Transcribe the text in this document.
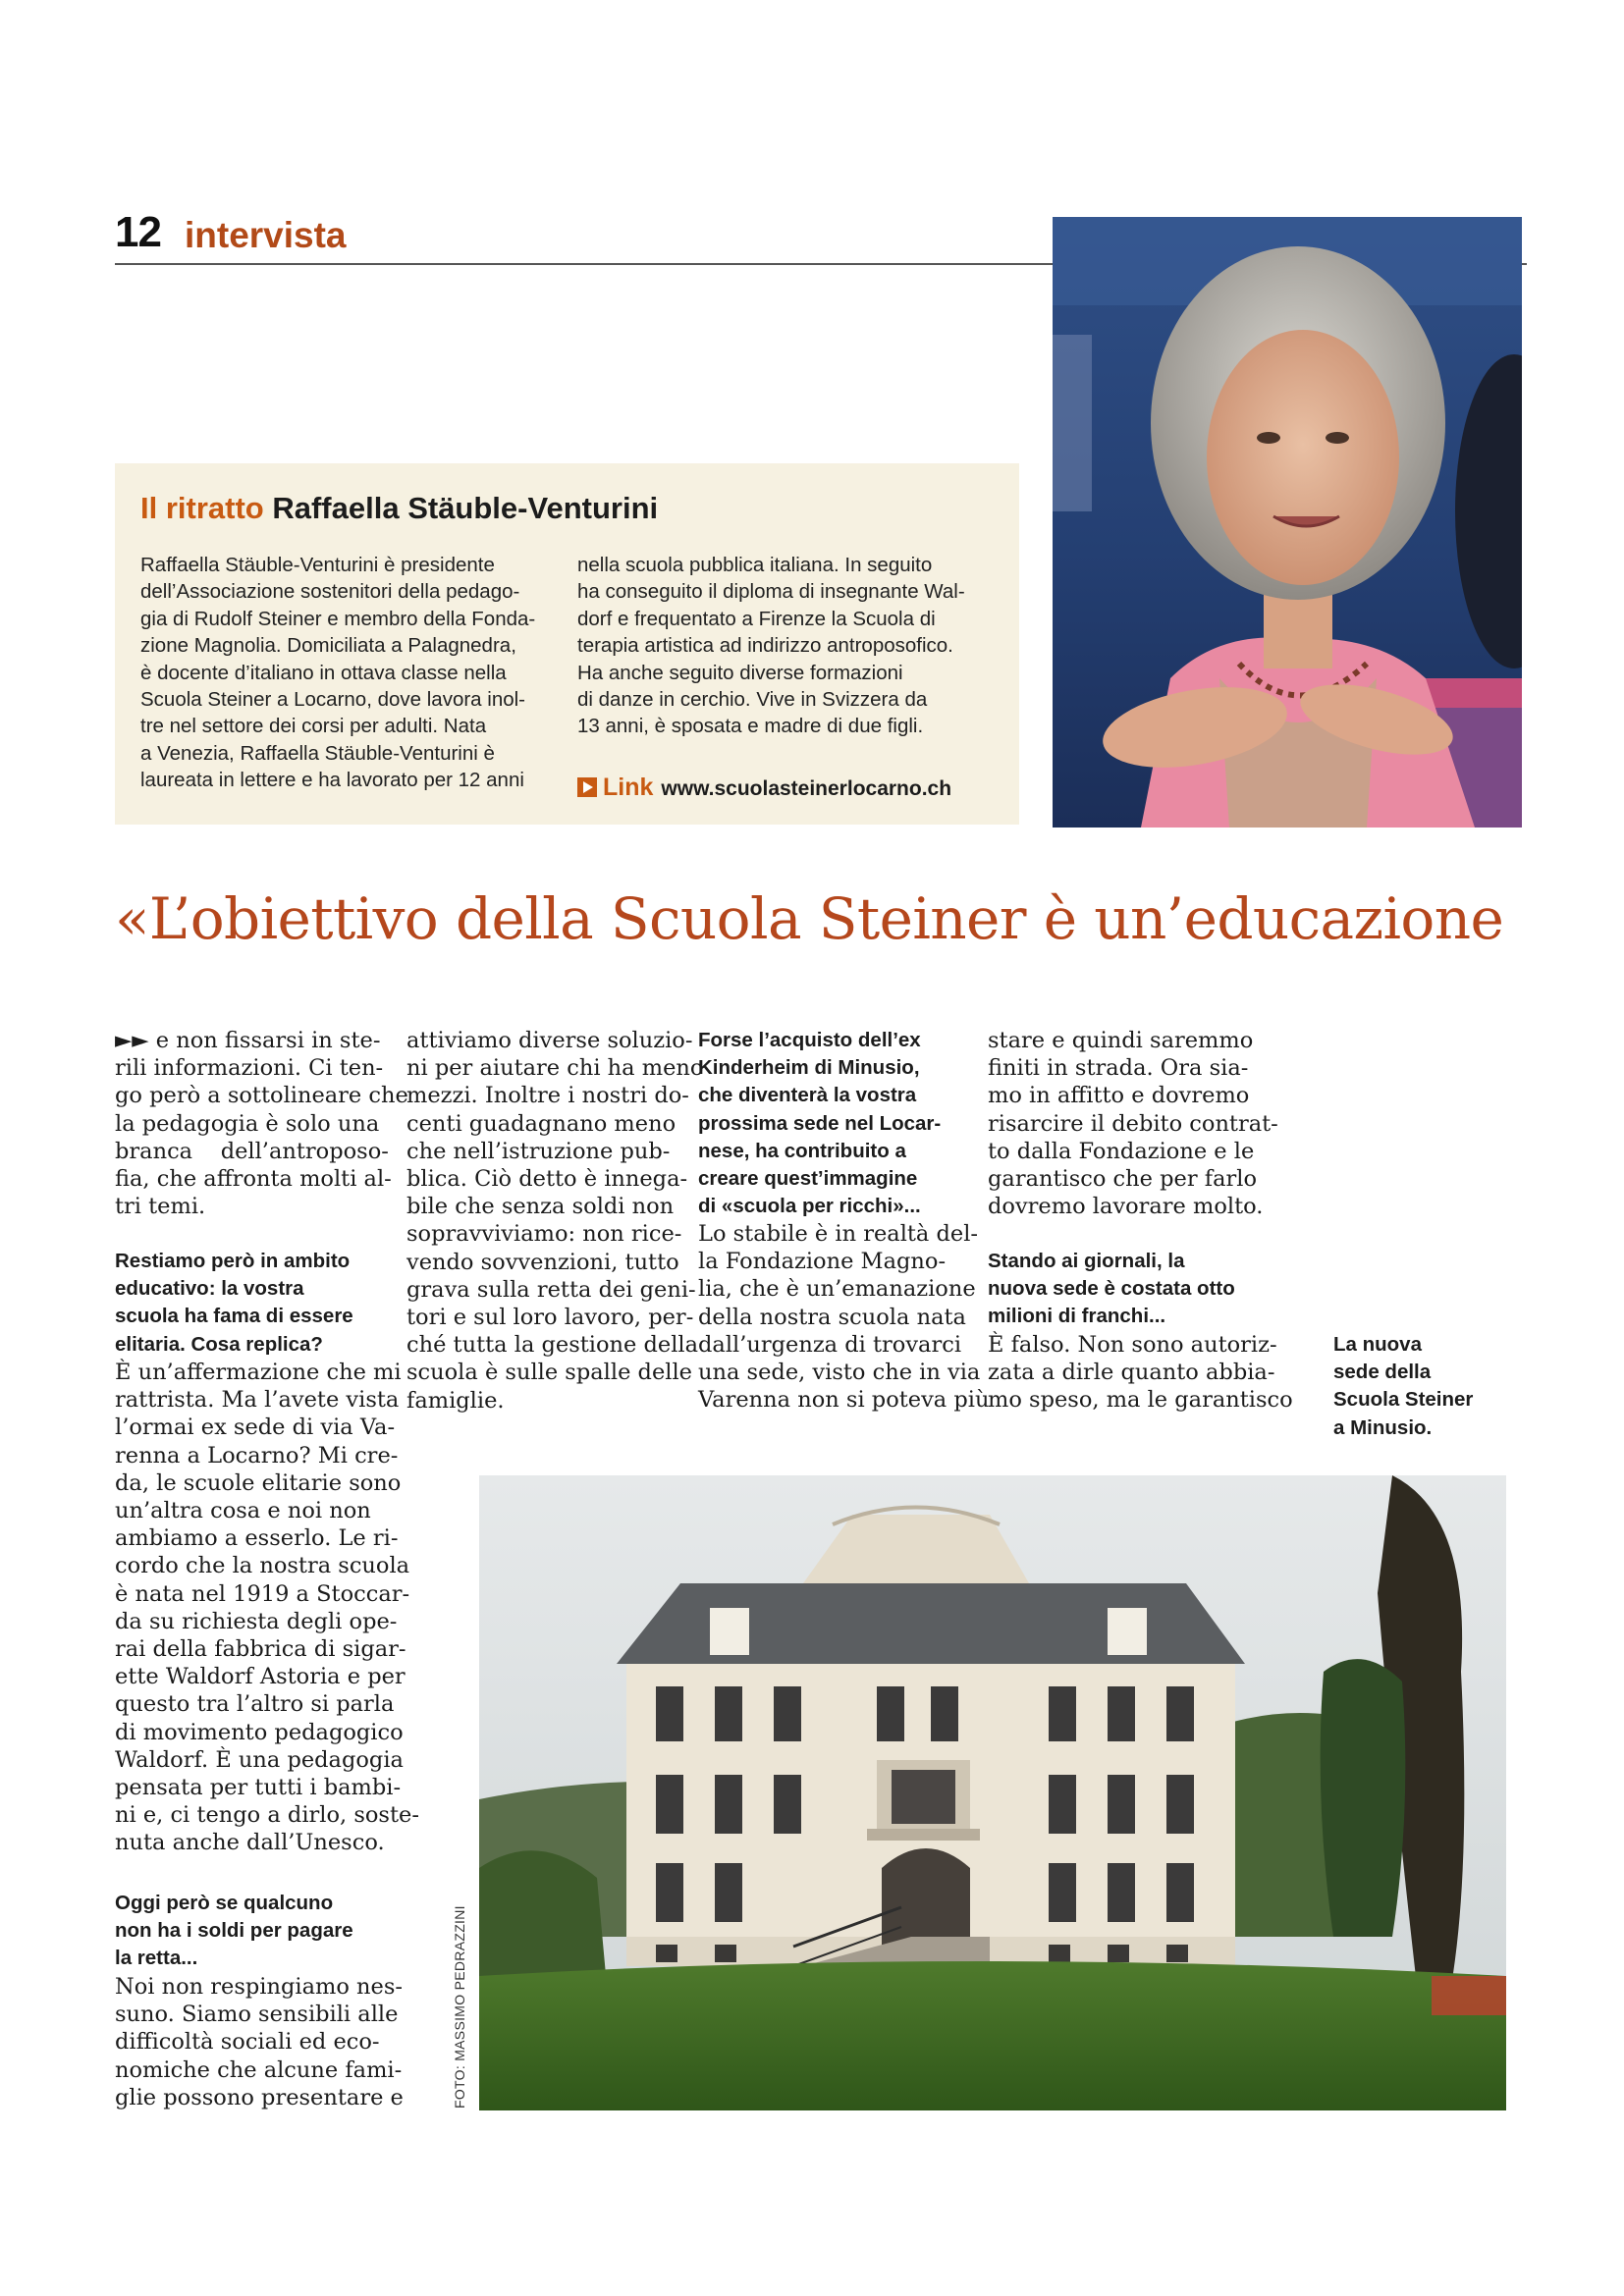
12 intervista
Il ritratto Raffaella Stäuble-Venturini
Raffaella Stäuble-Venturini è presidente
dell’Associazione sostenitori della pedago-
gia di Rudolf Steiner e membro della Fonda-
zione Magnolia. Domiciliata a Palagnedra,
è docente d’italiano in ottava classe nella
Scuola Steiner a Locarno, dove lavora inol-
tre nel settore dei corsi per adulti. Nata
a Venezia, Raffaella Stäuble-Venturini è
laureata in lettere e ha lavorato per 12 anni
nella scuola pubblica italiana. In seguito
ha conseguito il diploma di insegnante Wal-
dorf e frequentato a Firenze la Scuola di
terapia artistica ad indirizzo antroposofico.
Ha anche seguito diverse formazioni
di danze in cerchio. Vive in Svizzera da
13 anni, è sposata e madre di due figli.
Link www.scuolasteinerlocarno.ch
«L’obiettivo della Scuola Steiner è un’educazione
►► e non fissarsi in ste-
rili informazioni. Ci ten-
go però a sottolineare che
la pedagogia è solo una
branca    dell’antroposo-
fia, che affronta molti al-
tri temi.
Restiamo però in ambito
educativo: la vostra
scuola ha fama di essere
elitaria. Cosa replica?
È un’affermazione che mi
rattrista. Ma l’avete vista
l’ormai ex sede di via Va-
renna a Locarno? Mi cre-
da, le scuole elitarie sono
un’altra cosa e noi non
ambiamo a esserlo. Le ri-
cordo che la nostra scuola
è nata nel 1919 a Stoccar-
da su richiesta degli ope-
rai della fabbrica di sigar-
ette Waldorf Astoria e per
questo tra l’altro si parla
di movimento pedagogico
Waldorf. È una pedagogia
pensata per tutti i bambi-
ni e, ci tengo a dirlo, soste-
nuta anche dall’Unesco.
Oggi però se qualcuno
non ha i soldi per pagare
la retta...
Noi non respingiamo nes-
suno. Siamo sensibili alle
difficoltà sociali ed eco-
nomiche che alcune fami-
glie possono presentare e
attiviamo diverse soluzio-
ni per aiutare chi ha meno
mezzi. Inoltre i nostri do-
centi guadagnano meno
che nell’istruzione pub-
blica. Ciò detto è innega-
bile che senza soldi non
sopravviviamo: non rice-
vendo sovvenzioni, tutto
grava sulla retta dei geni-
tori e sul loro lavoro, per-
ché tutta la gestione della
scuola è sulle spalle delle
famiglie.
Forse l’acquisto dell’ex
Kinderheim di Minusio,
che diventerà la vostra
prossima sede nel Locar-
nese, ha contribuito a
creare quest’immagine
di «scuola per ricchi»...
Lo stabile è in realtà del-
la Fondazione Magno-
lia, che è un’emanazione
della nostra scuola nata
dall’urgenza di trovarci
una sede, visto che in via
Varenna non si poteva più
stare e quindi saremmo
finiti in strada. Ora sia-
mo in affitto e dovremo
risarcire il debito contrat-
to dalla Fondazione e le
garantisco che per farlo
dovremo lavorare molto.
Stando ai giornali, la
nuova sede è costata otto
milioni di franchi...
È falso. Non sono autoriz-
zata a dirle quanto abbia-
mo speso, ma le garantisco
La nuova
sede della
Scuola Steiner
a Minusio.
FOTO: MASSIMO PEDRAZZINI
